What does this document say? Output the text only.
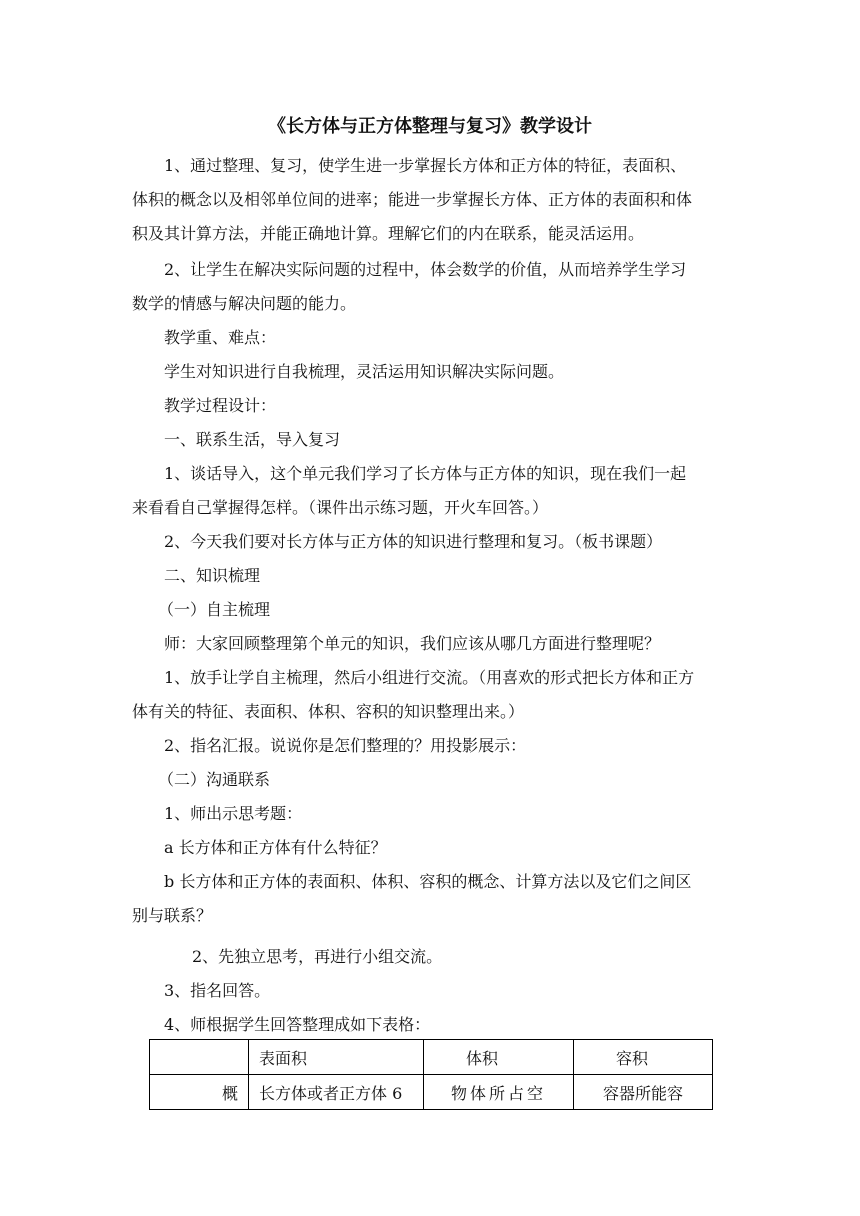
《长方体与正方体整理与复习》教学设计
1、通过整理、复习，使学生进一步掌握长方体和正方体的特征，表面积、
体积的概念以及相邻单位间的进率；能进一步掌握长方体、正方体的表面积和体
积及其计算方法，并能正确地计算。理解它们的内在联系，能灵活运用。
2、让学生在解决实际问题的过程中，体会数学的价值，从而培养学生学习
数学的情感与解决问题的能力。
教学重、难点：
学生对知识进行自我梳理，灵活运用知识解决实际问题。
教学过程设计：
一、联系生活，导入复习
1、谈话导入，这个单元我们学习了长方体与正方体的知识，现在我们一起
来看看自己掌握得怎样。（课件出示练习题，开火车回答。）
2、今天我们要对长方体与正方体的知识进行整理和复习。（板书课题）
二、知识梳理
（一）自主梳理
师：大家回顾整理第个单元的知识，我们应该从哪几方面进行整理呢？
1、放手让学自主梳理，然后小组进行交流。（用喜欢的形式把长方体和正方
体有关的特征、表面积、体积、容积的知识整理出来。）
2、指名汇报。说说你是怎们整理的？用投影展示：
（二）沟通联系
1、师出示思考题：
a 长方体和正方体有什么特征？
b 长方体和正方体的表面积、体积、容积的概念、计算方法以及它们之间区
别与联系？
2、先独立思考，再进行小组交流。
3、指名回答。
4、师根据学生回答整理成如下表格：
	表面积	体积	容积
概	长方体或者正方体 6	物体所占空	容器所能容
